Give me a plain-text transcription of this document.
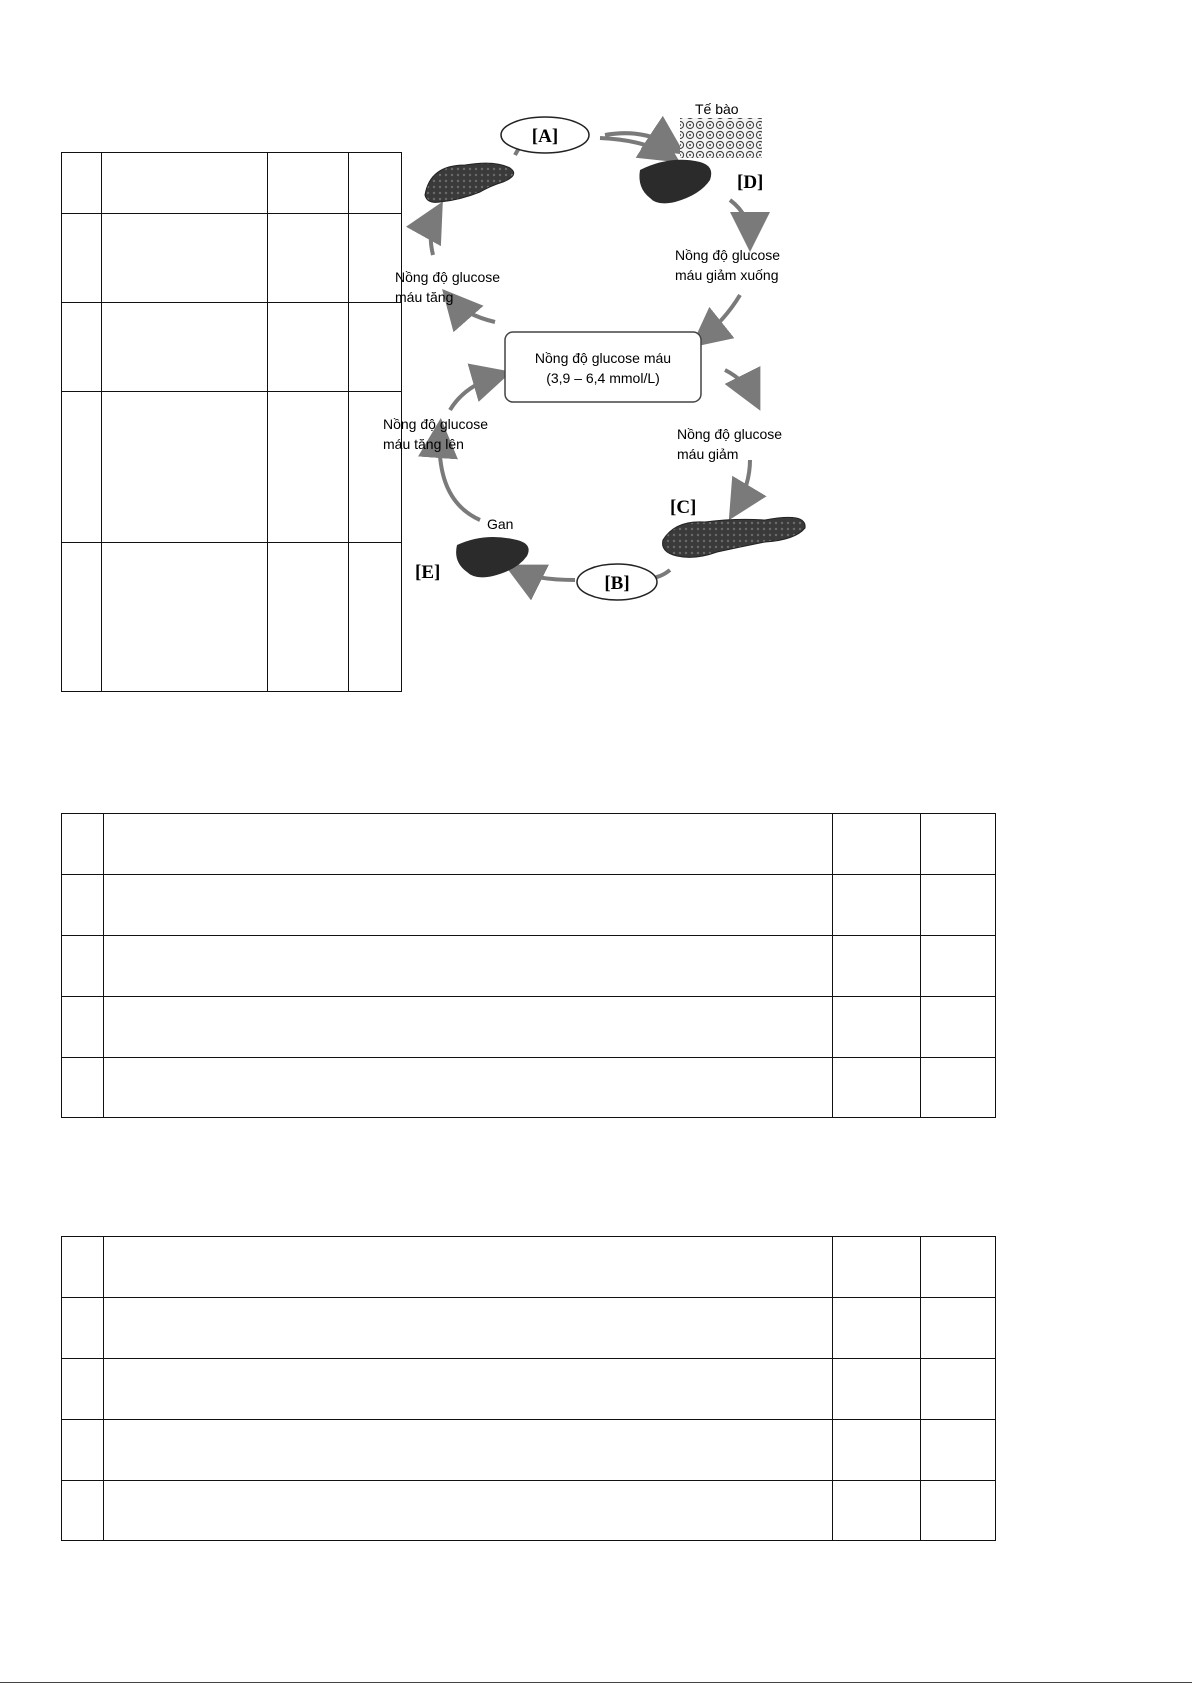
[A]
Tế bào
[D]
Nồng độ glucose
máu giảm xuống
Nồng độ glucose
máu tăng
Nồng độ glucose máu
(3,9 – 6,4 mmol/L)
Nồng độ glucose
máu tăng lên
Nồng độ glucose
máu giảm
[C]
[B]
Gan
[E]
